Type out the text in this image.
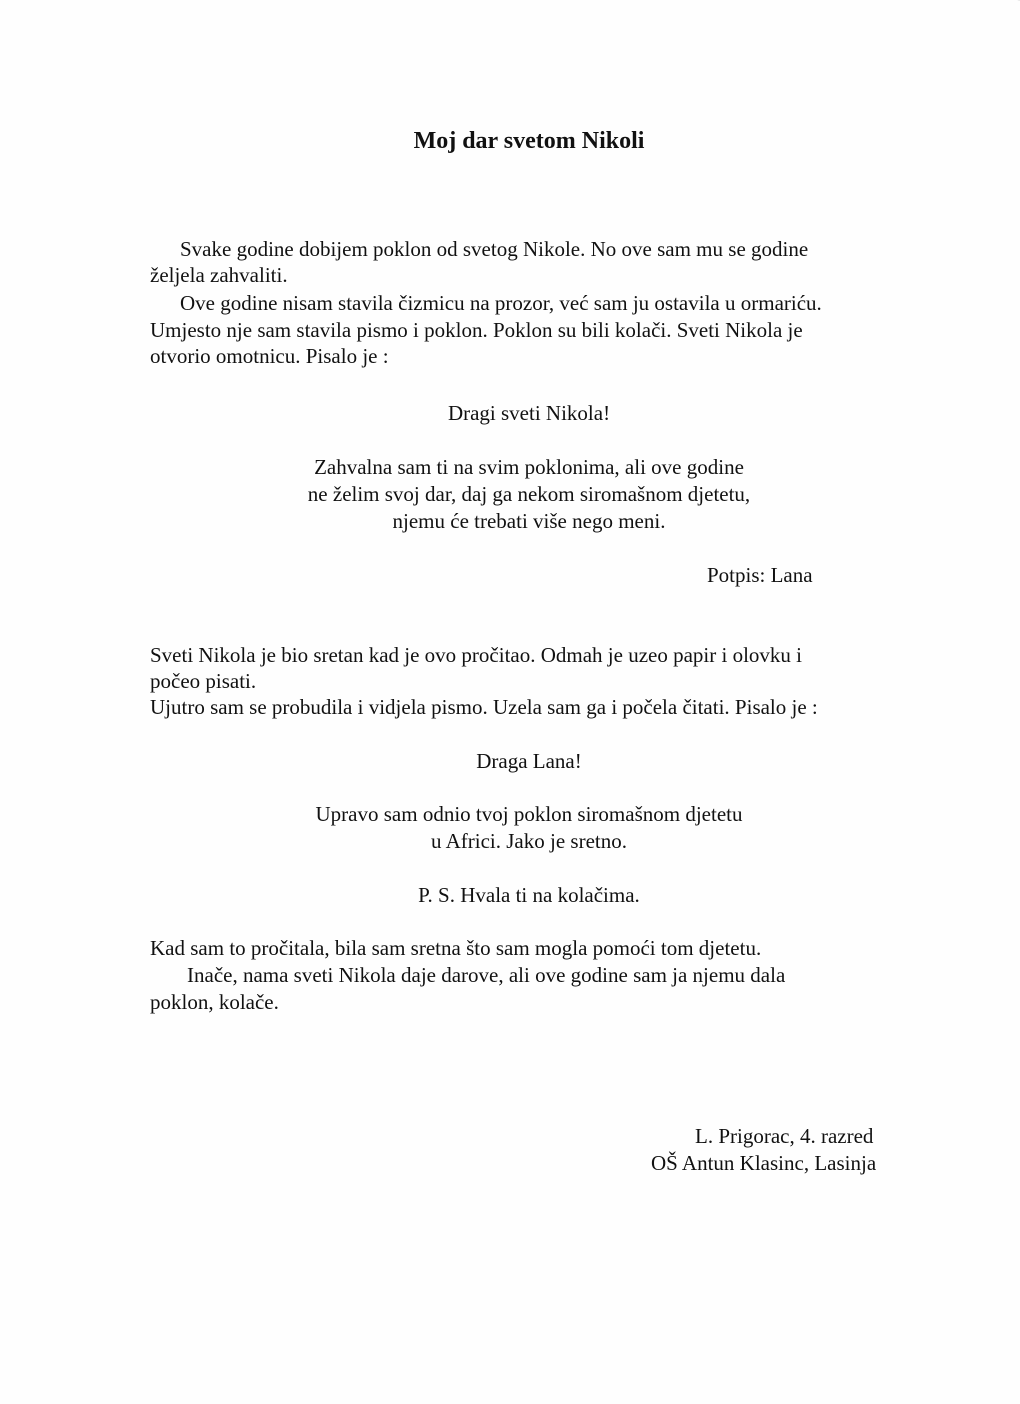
Moj dar svetom Nikoli

Svake godine dobijem poklon od svetog Nikole. No ove sam mu se godine

željela zahvaliti.

Ove godine nisam stavila čizmicu na prozor, već sam ju ostavila u ormariću.

Umjesto nje sam stavila pismo i poklon. Poklon su bili kolači. Sveti Nikola je

otvorio omotnicu. Pisalo je :

Dragi sveti Nikola!

Zahvalna sam ti na svim poklonima, ali ove godine

ne želim svoj dar, daj ga nekom siromašnom djetetu,

njemu će trebati više nego meni.

Potpis: Lana

Sveti Nikola je bio sretan kad je ovo pročitao. Odmah je uzeo papir i olovku i

počeo pisati.

Ujutro sam se probudila i vidjela pismo. Uzela sam ga i počela čitati. Pisalo je :

Draga Lana!

Upravo sam odnio tvoj poklon siromašnom djetetu

u Africi. Jako je sretno.

P. S. Hvala ti na kolačima.

Kad sam to pročitala, bila sam sretna što sam mogla pomoći tom djetetu.

Inače, nama sveti Nikola daje darove, ali ove godine sam ja njemu dala

poklon, kolače.

L. Prigorac, 4. razred

OŠ Antun Klasinc, Lasinja
